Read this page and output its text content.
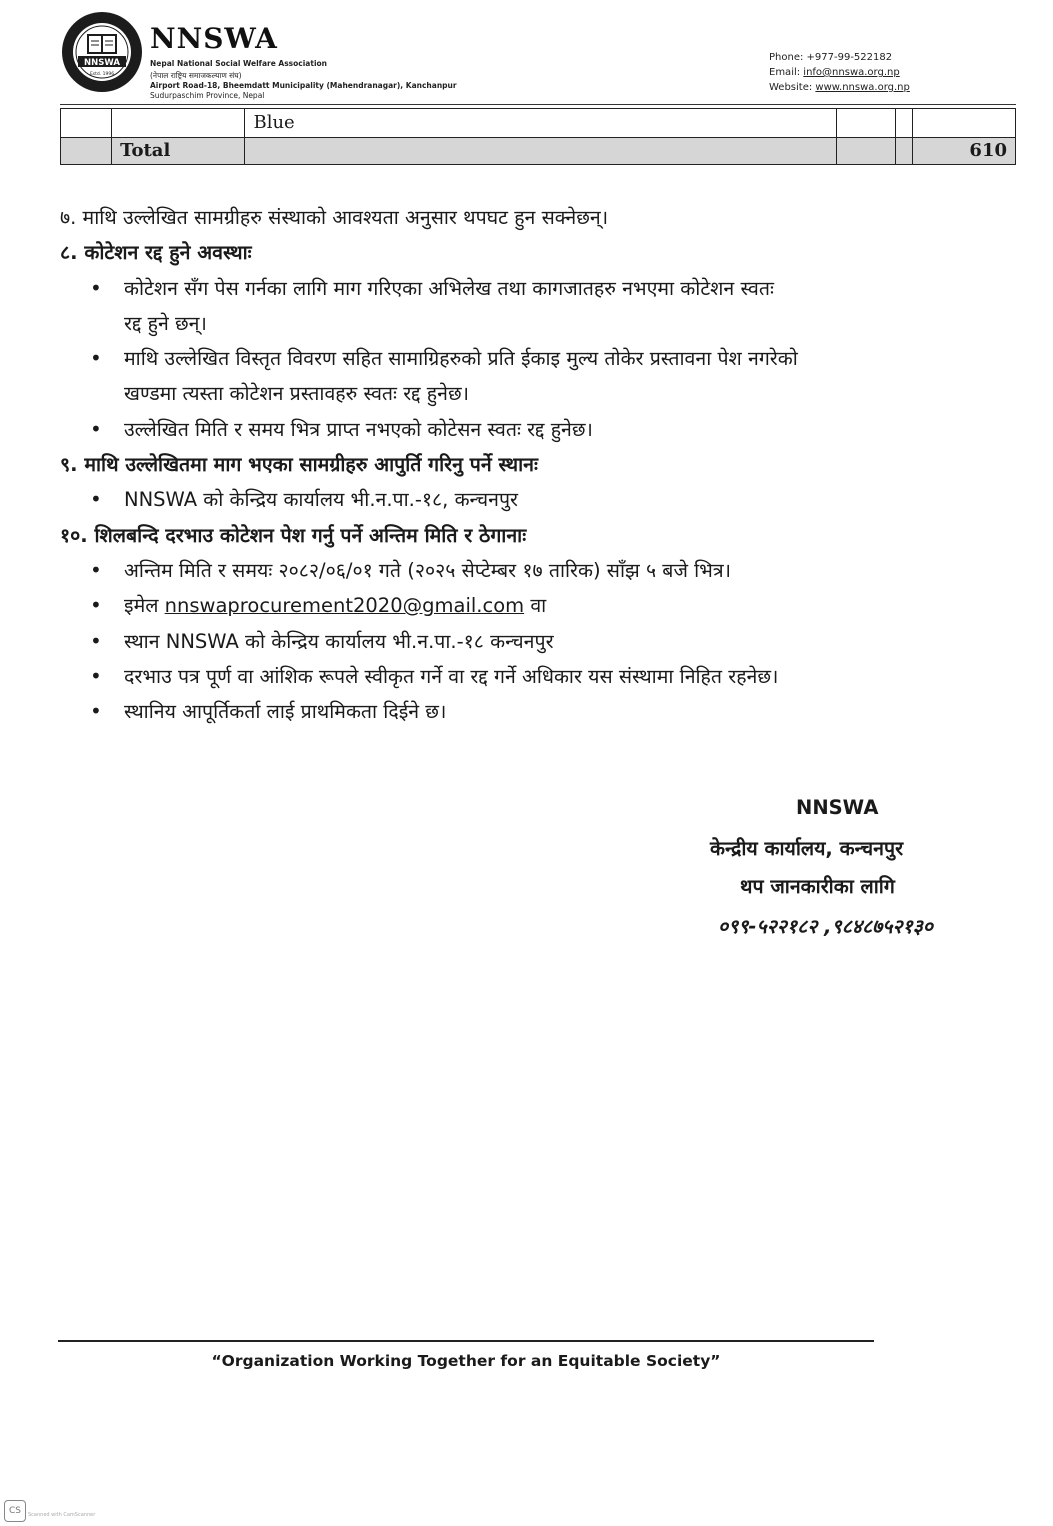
NNSWA
Estd. 1996
NNSWA
Nepal National Social Welfare Association
(नेपाल राष्ट्रिय समाजकल्याण संघ)
Airport Road-18, Bheemdatt Municipality (Mahendranagar), Kanchanpur
Sudurpaschim Province, Nepal
Phone: +977-99-522182
Email: info@nnswa.org.np
Website: www.nnswa.org.np
		Blue			
	Total				610
७. माथि उल्लेखित सामग्रीहरु संस्थाको आवश्यता अनुसार थपघट हुन सक्नेछन्।
८. कोटेशन रद्द हुने अवस्थाः
• कोटेशन सँग पेस गर्नका लागि माग गरिएका अभिलेख तथा कागजातहरु नभएमा कोटेशन स्वतः
रद्द हुने छन्।
• माथि उल्लेखित विस्तृत विवरण सहित सामाग्रिहरुको प्रति ईकाइ मुल्य तोकेर प्रस्तावना पेश नगरेको
खण्डमा त्यस्ता कोटेशन प्रस्तावहरु स्वतः रद्द हुनेछ।
• उल्लेखित मिति र समय भित्र प्राप्त नभएको कोटेसन स्वतः रद्द हुनेछ।
९. माथि उल्लेखितमा माग भएका सामग्रीहरु आपुर्ति गरिनु पर्ने स्थानः
• NNSWA को केन्द्रिय कार्यालय भी.न.पा.-१८, कन्चनपुर
१०. शिलबन्दि दरभाउ कोटेशन पेश गर्नु पर्ने अन्तिम मिति र ठेगानाः
• अन्तिम मिति र समयः २०८२/०६/०१ गते (२०२५ सेप्टेम्बर १७ तारिक) साँझ ५ बजे भित्र।
• इमेल nnswaprocurement2020@gmail.com वा
• स्थान NNSWA को केन्द्रिय कार्यालय भी.न.पा.-१८ कन्चनपुर
• दरभाउ पत्र पूर्ण वा आंशिक रूपले स्वीकृत गर्ने वा रद्द गर्ने अधिकार यस संस्थामा निहित रहनेछ।
• स्थानिय आपूर्तिकर्ता लाई प्राथमिकता दिईने छ।
NNSWA
केन्द्रीय कार्यालय, कन्चनपुर
थप जानकारीका लागि
०९९-५२२१८२ ,९८४८७५२१३०
“Organization Working Together for an Equitable Society”
CS	Scanned with CamScanner
